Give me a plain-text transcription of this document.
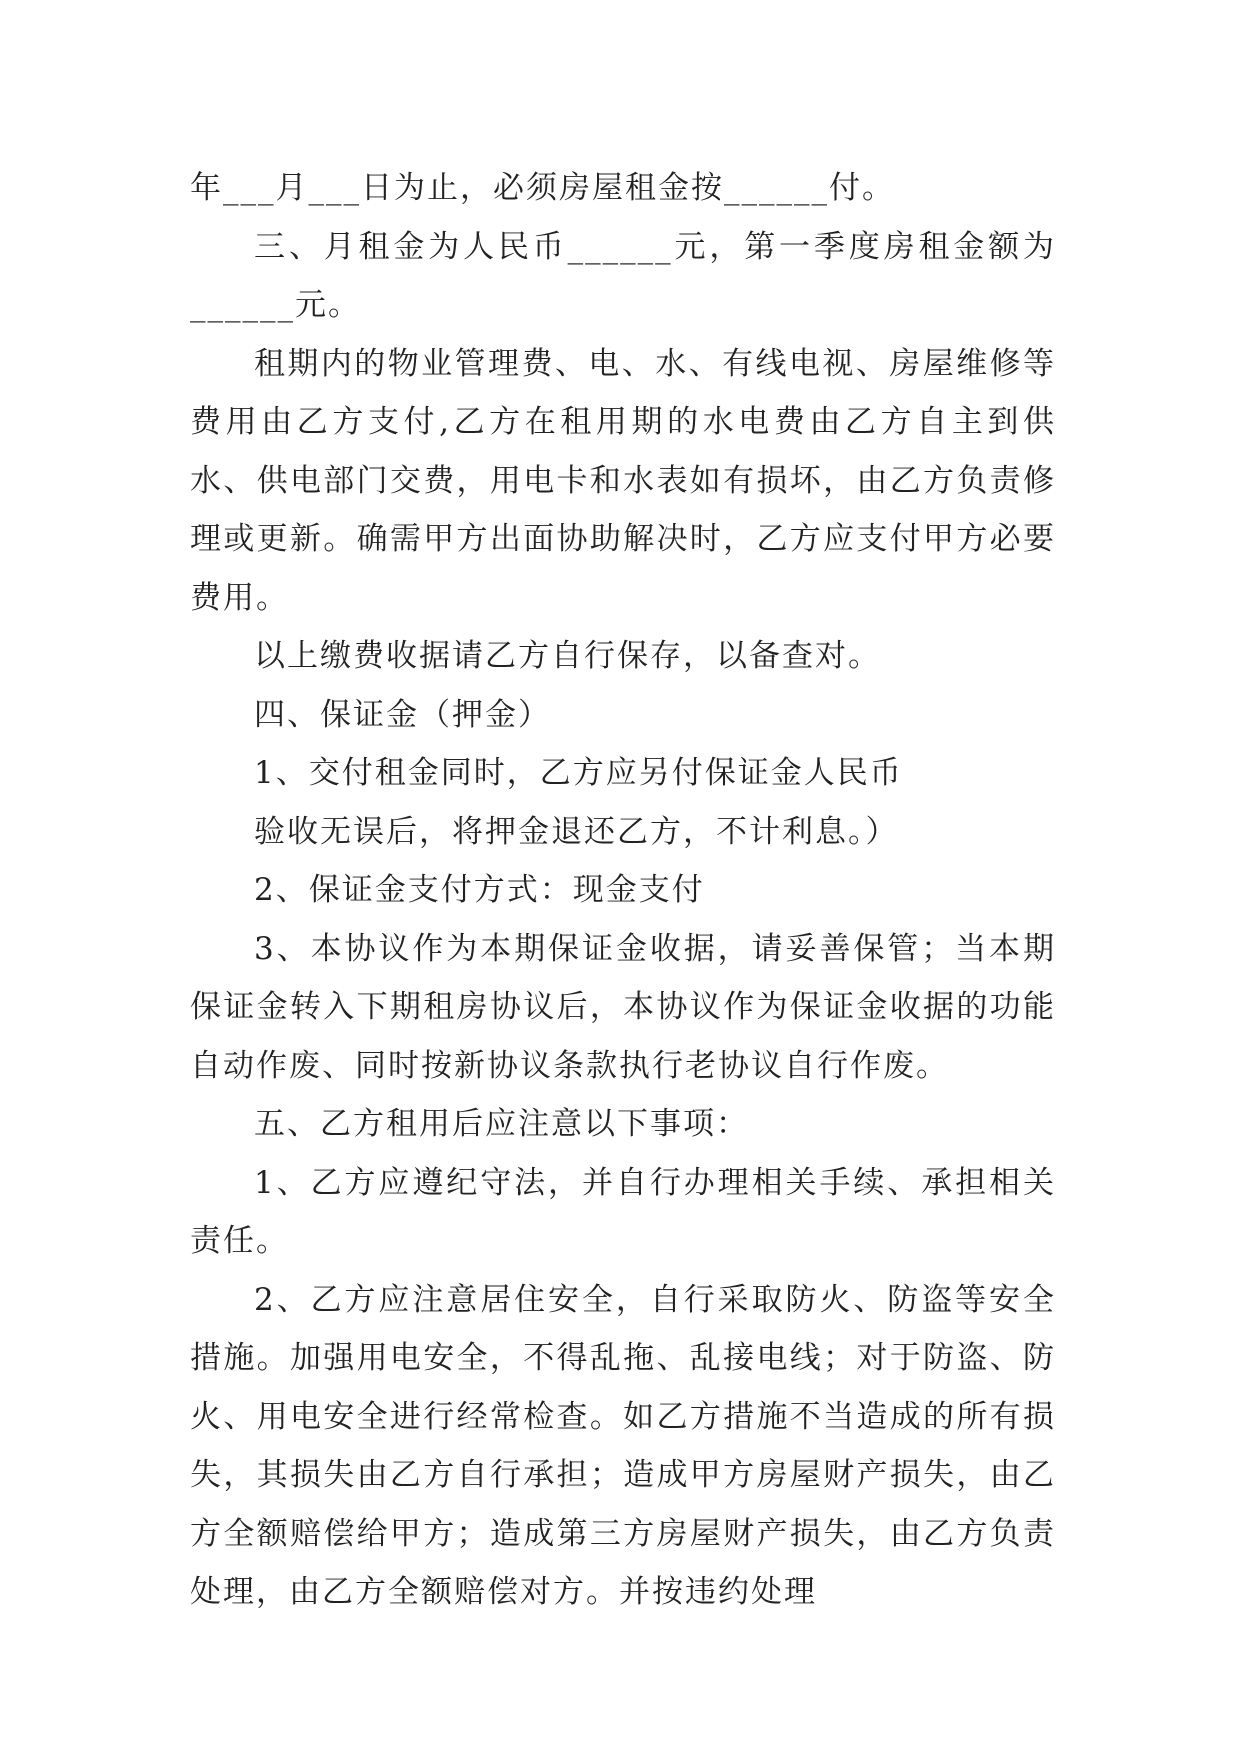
年___月___日为止，必须房屋租金按______付。

三、月租金为人民币______元，第一季度房租金额为______元。

租期内的物业管理费、电、水、有线电视、房屋维修等费用由乙方支付,乙方在租用期的水电费由乙方自主到供水、供电部门交费，用电卡和水表如有损坏，由乙方负责修理或更新。确需甲方出面协助解决时，乙方应支付甲方必要费用。

以上缴费收据请乙方自行保存，以备查对。

四、保证金（押金）

1、交付租金同时，乙方应另付保证金人民币

验收无误后，将押金退还乙方，不计利息。）

2、保证金支付方式：现金支付

3、本协议作为本期保证金收据，请妥善保管；当本期保证金转入下期租房协议后，本协议作为保证金收据的功能自动作废、同时按新协议条款执行老协议自行作废。

五、乙方租用后应注意以下事项：

1、乙方应遵纪守法，并自行办理相关手续、承担相关责任。

2、乙方应注意居住安全，自行采取防火、防盗等安全措施。加强用电安全，不得乱拖、乱接电线；对于防盗、防火、用电安全进行经常检查。如乙方措施不当造成的所有损失，其损失由乙方自行承担；造成甲方房屋财产损失，由乙方全额赔偿给甲方；造成第三方房屋财产损失，由乙方负责处理，由乙方全额赔偿对方。并按违约处理
